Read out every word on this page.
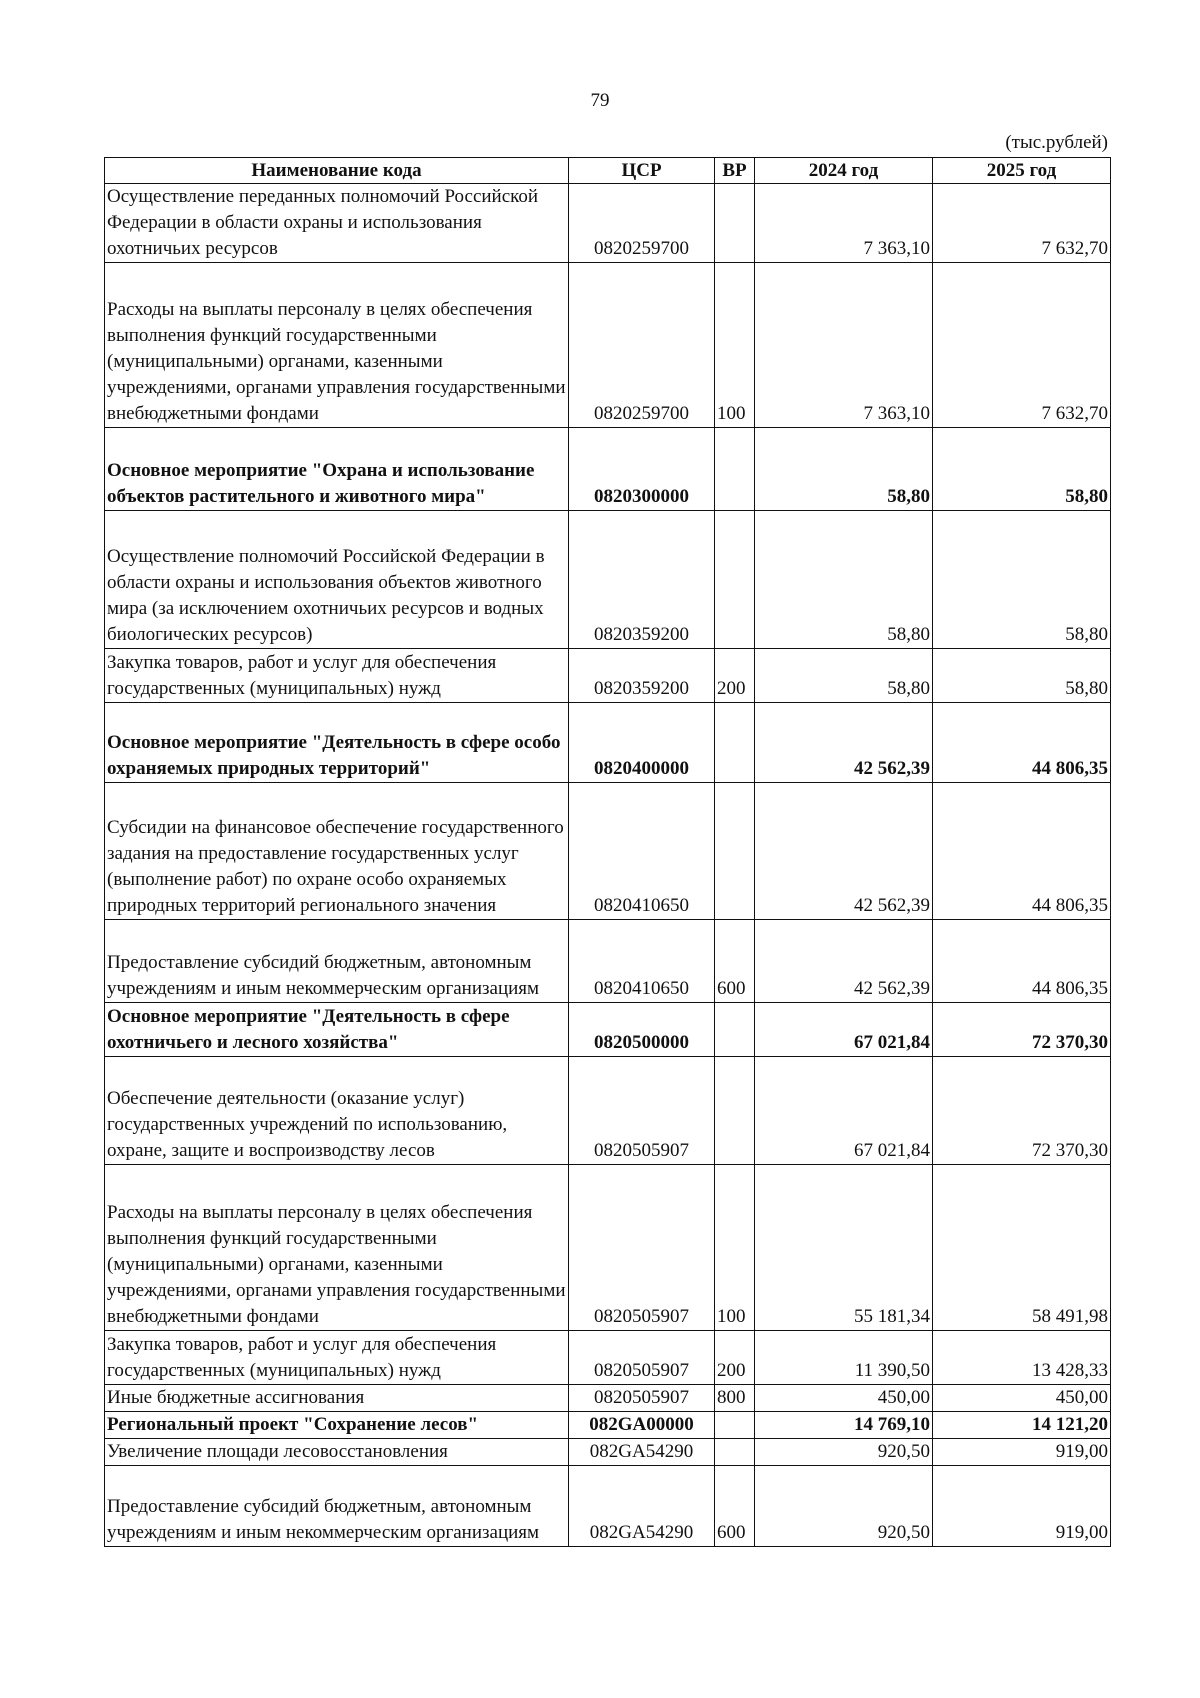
79
(тыс.рублей)
Наименование кода	ЦСР	ВР	2024 год	2025 год
Осуществление переданных полномочий Российской Федерации в области охраны и использования охотничьих ресурсов	0820259700		7 363,10	7 632,70
Расходы на выплаты персоналу в целях обеспечения выполнения функций государственными (муниципальными) органами, казенными учреждениями, органами управления государственными внебюджетными фондами	0820259700	100	7 363,10	7 632,70
Основное мероприятие "Охрана и использование объектов растительного и животного мира"	0820300000		58,80	58,80
Осуществление полномочий Российской Федерации в области охраны и использования объектов животного мира (за исключением охотничьих ресурсов и водных биологических ресурсов)	0820359200		58,80	58,80
Закупка товаров, работ и услуг для обеспечения государственных (муниципальных) нужд	0820359200	200	58,80	58,80
Основное мероприятие "Деятельность в сфере особо охраняемых природных территорий"	0820400000		42 562,39	44 806,35
Субсидии на финансовое обеспечение государственного задания на предоставление государственных услуг (выполнение работ) по охране особо охраняемых природных территорий регионального значения	0820410650		42 562,39	44 806,35
Предоставление субсидий бюджетным, автономным учреждениям и иным некоммерческим организациям	0820410650	600	42 562,39	44 806,35
Основное мероприятие "Деятельность в сфере охотничьего и лесного хозяйства"	0820500000		67 021,84	72 370,30
Обеспечение деятельности (оказание услуг) государственных учреждений по использованию, охране, защите и воспроизводству лесов	0820505907		67 021,84	72 370,30
Расходы на выплаты персоналу в целях обеспечения выполнения функций государственными (муниципальными) органами, казенными учреждениями, органами управления государственными внебюджетными фондами	0820505907	100	55 181,34	58 491,98
Закупка товаров, работ и услуг для обеспечения государственных (муниципальных) нужд	0820505907	200	11 390,50	13 428,33
Иные бюджетные ассигнования	0820505907	800	450,00	450,00
Региональный проект "Сохранение лесов"	082GA00000		14 769,10	14 121,20
Увеличение площади лесовосстановления	082GA54290		920,50	919,00
Предоставление субсидий бюджетным, автономным учреждениям и иным некоммерческим организациям	082GA54290	600	920,50	919,00
